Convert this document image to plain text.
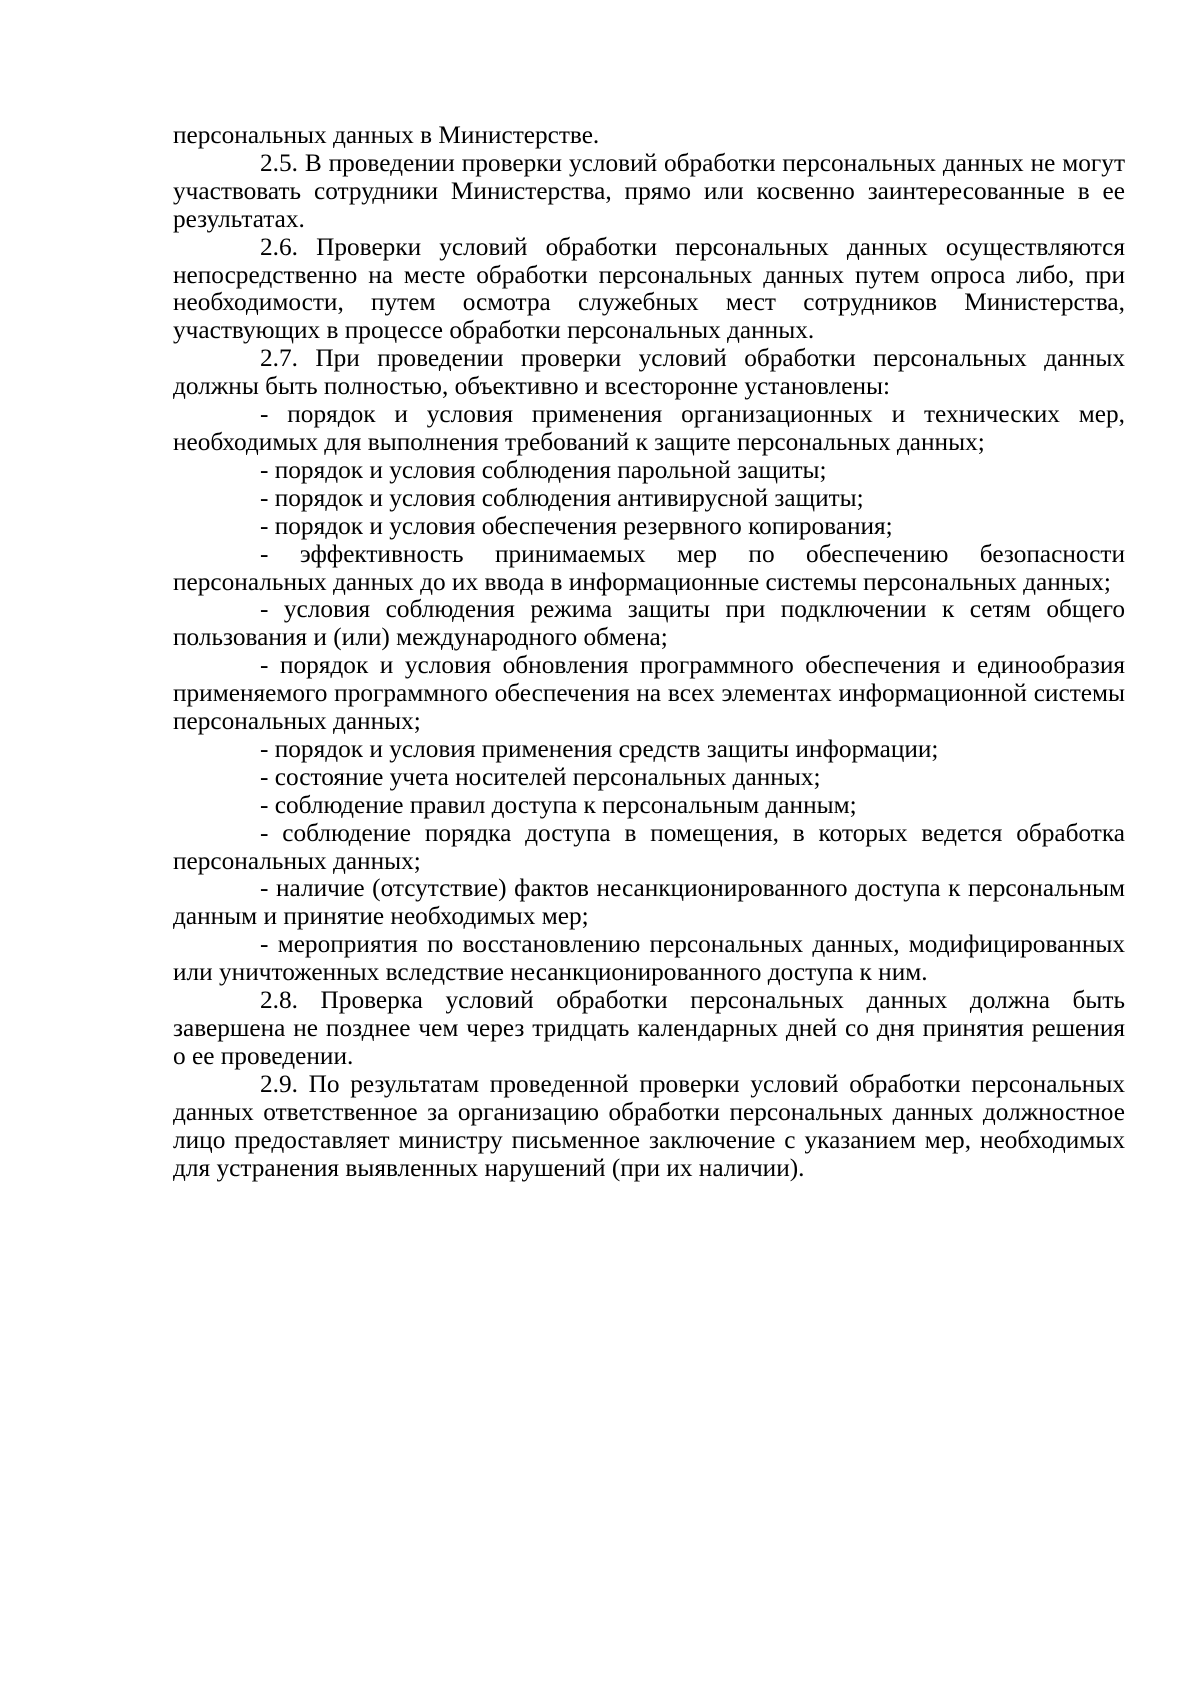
персональных данных в Министерстве.

2.5. В проведении проверки условий обработки персональных данных не могут участвовать сотрудники Министерства, прямо или косвенно заинтересованные в ее результатах.

2.6. Проверки условий обработки персональных данных осуществляются непосредственно на месте обработки персональных данных путем опроса либо, при необходимости, путем осмотра служебных мест сотрудников Министерства, участвующих в процессе обработки персональных данных.

2.7. При проведении проверки условий обработки персональных данных должны быть полностью, объективно и всесторонне установлены:

- порядок и условия применения организационных и технических мер, необходимых для выполнения требований к защите персональных данных;

- порядок и условия соблюдения парольной защиты;

- порядок и условия соблюдения антивирусной защиты;

- порядок и условия обеспечения резервного копирования;

- эффективность принимаемых мер по обеспечению безопасности персональных данных до их ввода в информационные системы персональных данных;

- условия соблюдения режима защиты при подключении к сетям общего пользования и (или) международного обмена;

- порядок и условия обновления программного обеспечения и единообразия применяемого программного обеспечения на всех элементах информационной системы персональных данных;

- порядок и условия применения средств защиты информации;

- состояние учета носителей персональных данных;

- соблюдение правил доступа к персональным данным;

- соблюдение порядка доступа в помещения, в которых ведется обработка персональных данных;

- наличие (отсутствие) фактов несанкционированного доступа к персональным данным и принятие необходимых мер;

- мероприятия по восстановлению персональных данных, модифицированных или уничтоженных вследствие несанкционированного доступа к ним.

2.8. Проверка условий обработки персональных данных должна быть завершена не позднее чем через тридцать календарных дней со дня принятия решения о ее проведении.

2.9. По результатам проведенной проверки условий обработки персональных данных ответственное за организацию обработки персональных данных должностное лицо предоставляет министру письменное заключение с указанием мер, необходимых для устранения выявленных нарушений (при их наличии).
